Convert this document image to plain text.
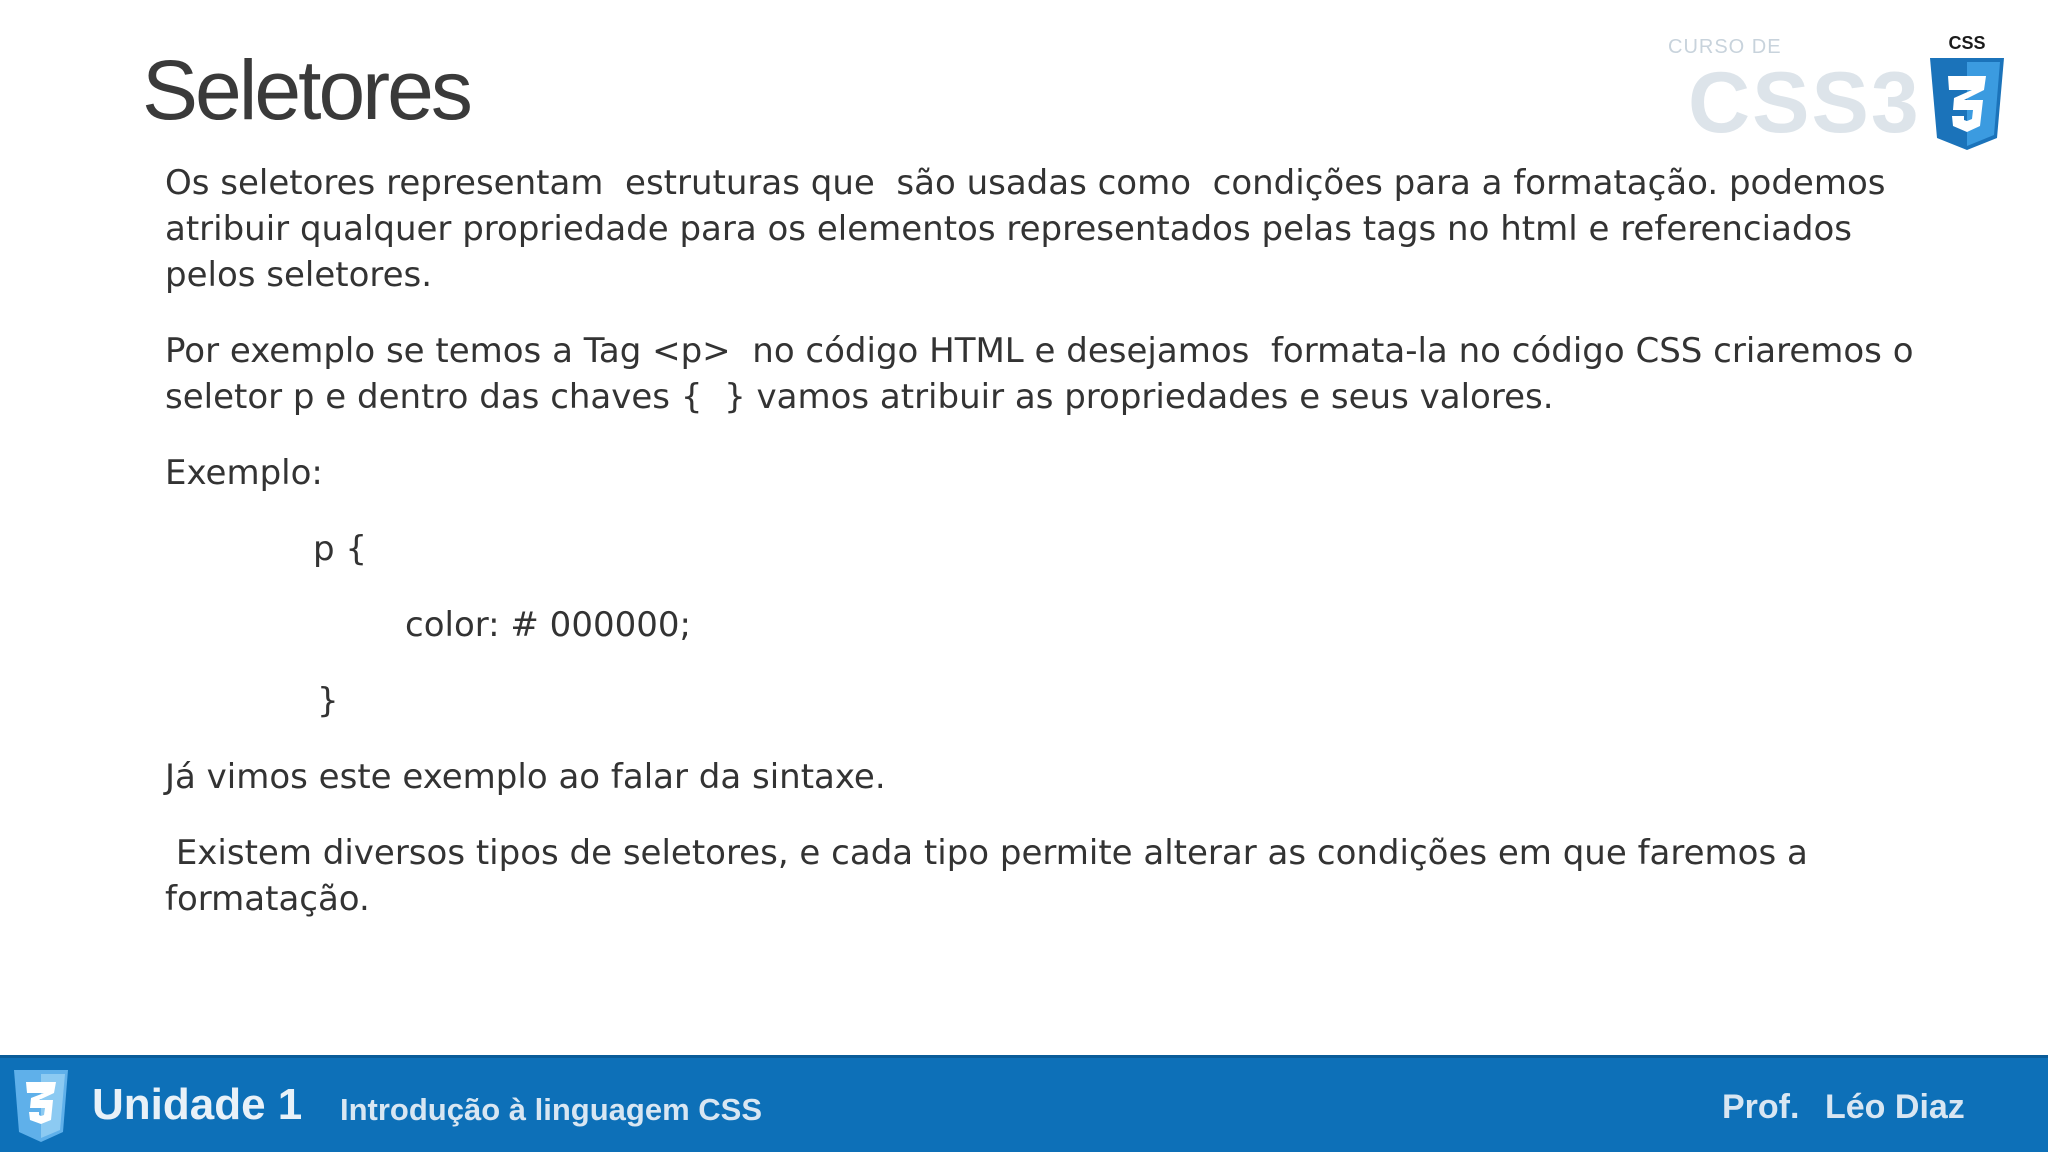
Seletores	CURSO DE
CSS3
CSS

Os seletores representam  estruturas que  são usadas como  condições para a formatação. podemos atribuir qualquer propriedade para os elementos representados pelas tags no html e referenciados pelos seletores.

Por exemplo se temos a Tag <p>  no código HTML e desejamos  formata-la no código CSS criaremos o seletor p e dentro das chaves {  } vamos atribuir as propriedades e seus valores.

Exemplo:

p {
color: # 000000;
}

Já vimos este exemplo ao falar da sintaxe.

Existem diversos tipos de seletores, e cada tipo permite alterar as condições em que faremos a formatação.

Unidade 1 Introdução à linguagem CSS	Prof. Léo Diaz
